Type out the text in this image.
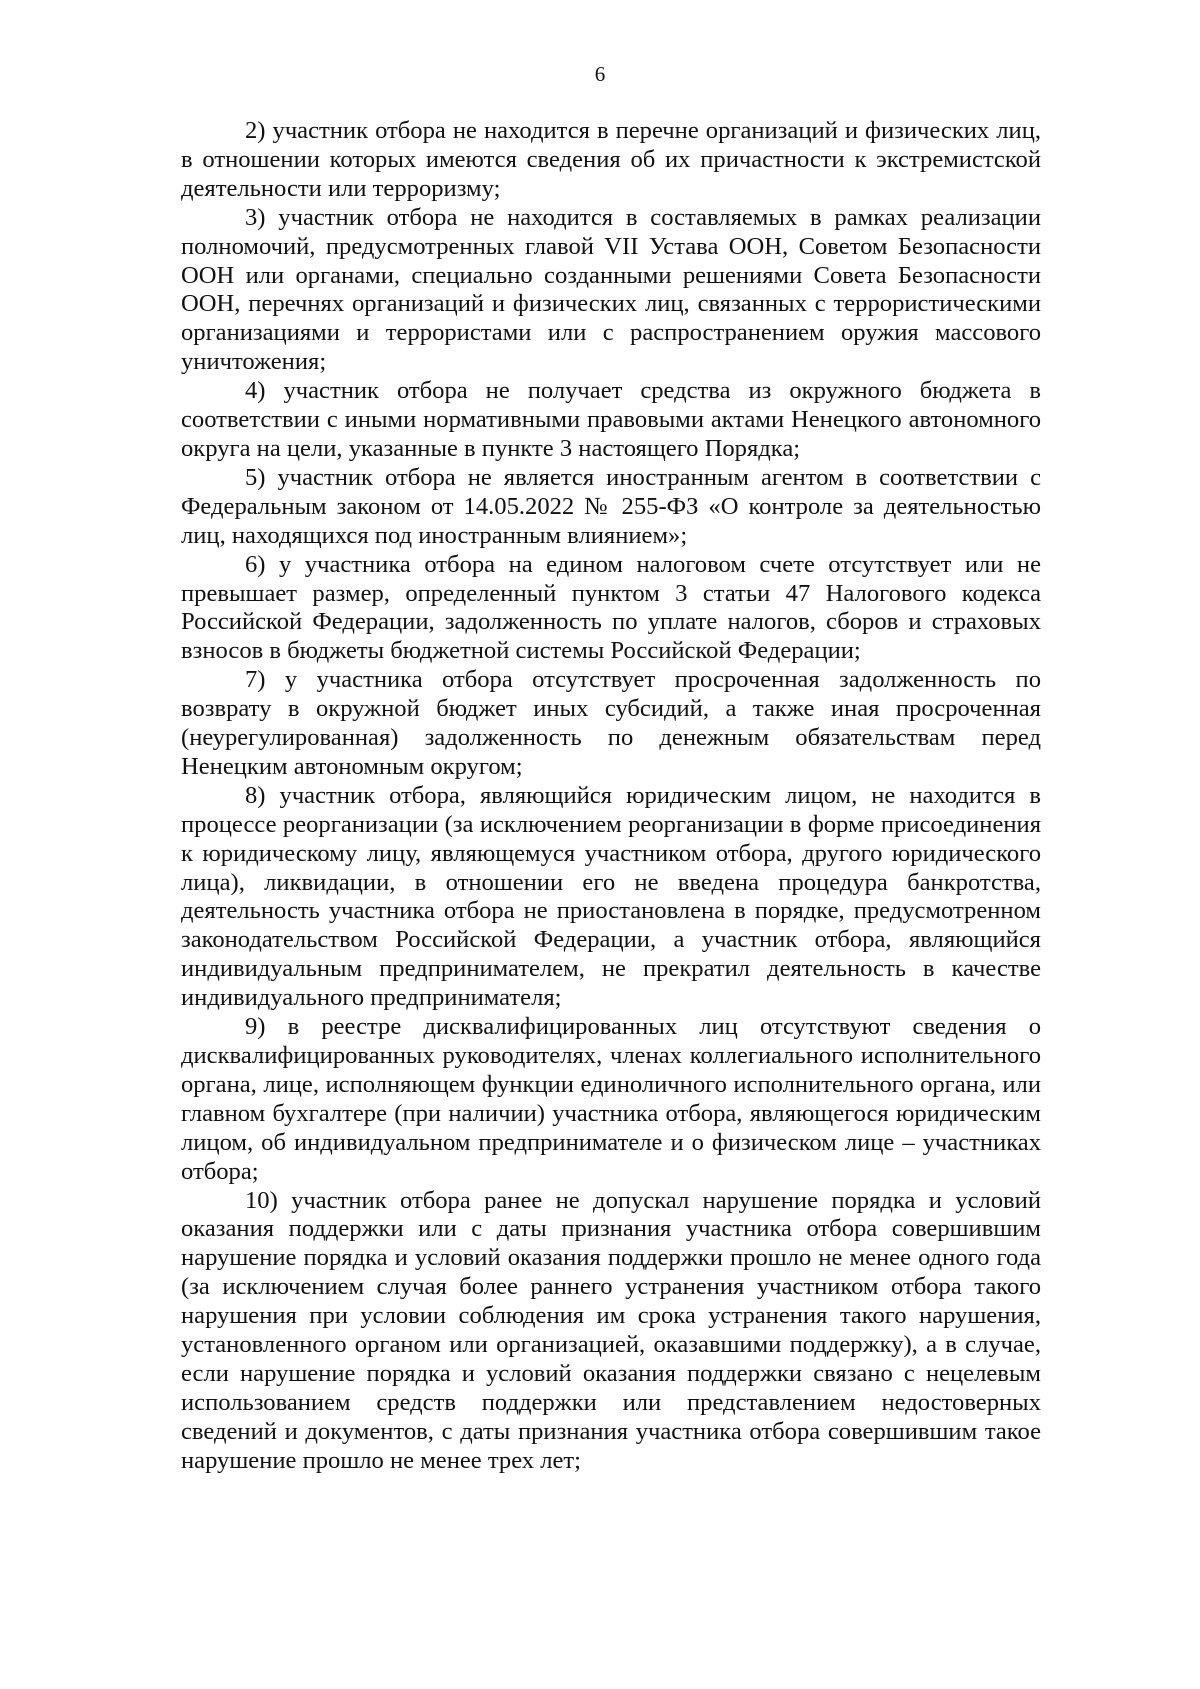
6

2) участник отбора не находится в перечне организаций и физических лиц, в отношении которых имеются сведения об их причастности к экстремистской деятельности или терроризму;

3) участник отбора не находится в составляемых в рамках реализации полномочий, предусмотренных главой VII Устава ООН, Советом Безопасности ООН или органами, специально созданными решениями Совета Безопасности ООН, перечнях организаций и физических лиц, связанных с террористическими организациями и террористами или с распространением оружия массового уничтожения;

4) участник отбора не получает средства из окружного бюджета в соответствии с иными нормативными правовыми актами Ненецкого автономного округа на цели, указанные в пункте 3 настоящего Порядка;

5) участник отбора не является иностранным агентом в соответствии с Федеральным законом от 14.05.2022 № 255-ФЗ «О контроле за деятельностью лиц, находящихся под иностранным влиянием»;

6) у участника отбора на едином налоговом счете отсутствует или не превышает размер, определенный пунктом 3 статьи 47 Налогового кодекса Российской Федерации, задолженность по уплате налогов, сборов и страховых взносов в бюджеты бюджетной системы Российской Федерации;

7) у участника отбора отсутствует просроченная задолженность по возврату в окружной бюджет иных субсидий, а также иная просроченная (неурегулированная) задолженность по денежным обязательствам перед Ненецким автономным округом;

8) участник отбора, являющийся юридическим лицом, не находится в процессе реорганизации (за исключением реорганизации в форме присоединения к юридическому лицу, являющемуся участником отбора, другого юридического лица), ликвидации, в отношении его не введена процедура банкротства, деятельность участника отбора не приостановлена в порядке, предусмотренном законодательством Российской Федерации, а участник отбора, являющийся индивидуальным предпринимателем, не прекратил деятельность в качестве индивидуального предпринимателя;

9) в реестре дисквалифицированных лиц отсутствуют сведения о дисквалифицированных руководителях, членах коллегиального исполнительного органа, лице, исполняющем функции единоличного исполнительного органа, или главном бухгалтере (при наличии) участника отбора, являющегося юридическим лицом, об индивидуальном предпринимателе и о физическом лице – участниках отбора;

10) участник отбора ранее не допускал нарушение порядка и условий оказания поддержки или с даты признания участника отбора совершившим нарушение порядка и условий оказания поддержки прошло не менее одного года (за исключением случая более раннего устранения участником отбора такого нарушения при условии соблюдения им срока устранения такого нарушения, установленного органом или организацией, оказавшими поддержку), а в случае, если нарушение порядка и условий оказания поддержки связано с нецелевым использованием средств поддержки или представлением недостоверных сведений и документов, с даты признания участника отбора совершившим такое нарушение прошло не менее трех лет;
